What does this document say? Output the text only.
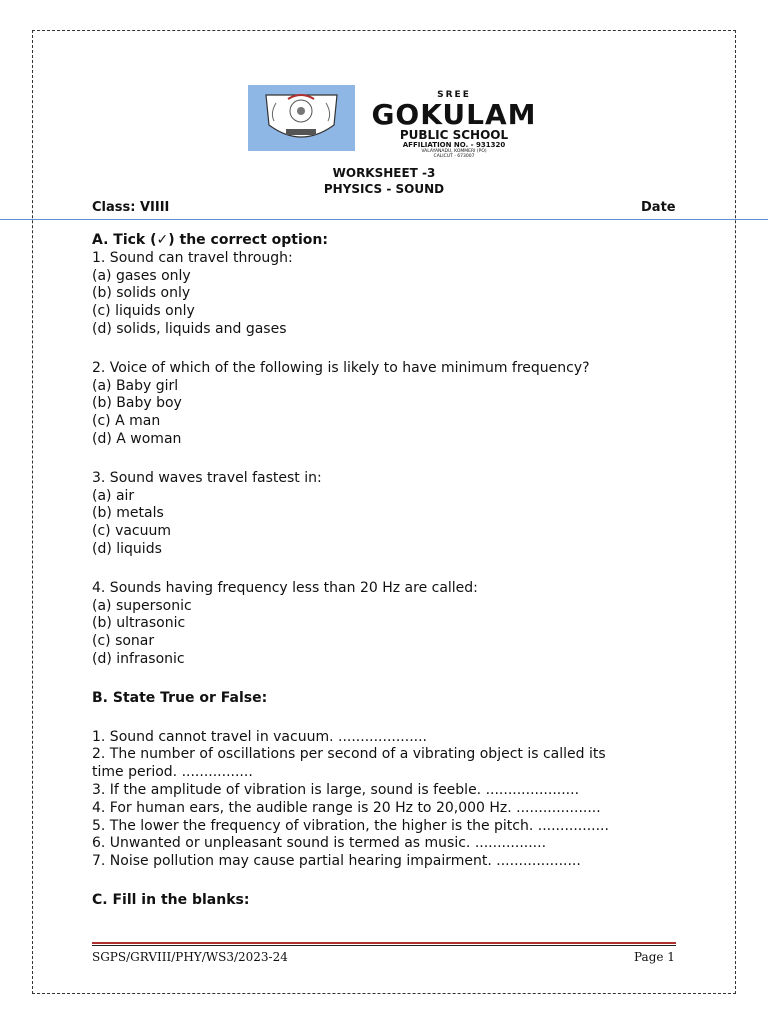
SREE
GOKULAM
PUBLIC SCHOOL
AFFILIATION NO. - 931320
VALAYANADU, KOMMERI (PO)
CALICUT - 673007
WORKSHEET -3
PHYSICS - SOUND
Class: VIIII	Date

A. Tick (✓) the correct option:

1. Sound can travel through:

(a) gases only

(b) solids only

(c) liquids only

(d) solids, liquids and gases

2. Voice of which of the following is likely to have minimum frequency?

(a) Baby girl

(b) Baby boy

(c) A man

(d) A woman

3. Sound waves travel fastest in:

(a) air

(b) metals

(c) vacuum

(d) liquids

4. Sounds having frequency less than 20 Hz are called:

(a) supersonic

(b) ultrasonic

(c) sonar

(d) infrasonic

B. State True or False:

1. Sound cannot travel in vacuum. ....................

2. The number of oscillations per second of a vibrating object is called its

time period. ................

3. If the amplitude of vibration is large, sound is feeble. .....................

4. For human ears, the audible range is 20 Hz to 20,000 Hz. ...................

5. The lower the frequency of vibration, the higher is the pitch. ................

6. Unwanted or unpleasant sound is termed as music. ................

7. Noise pollution may cause partial hearing impairment. ...................

C. Fill in the blanks:

SGPS/GRVIII/PHY/WS3/2023-24	Page 1
